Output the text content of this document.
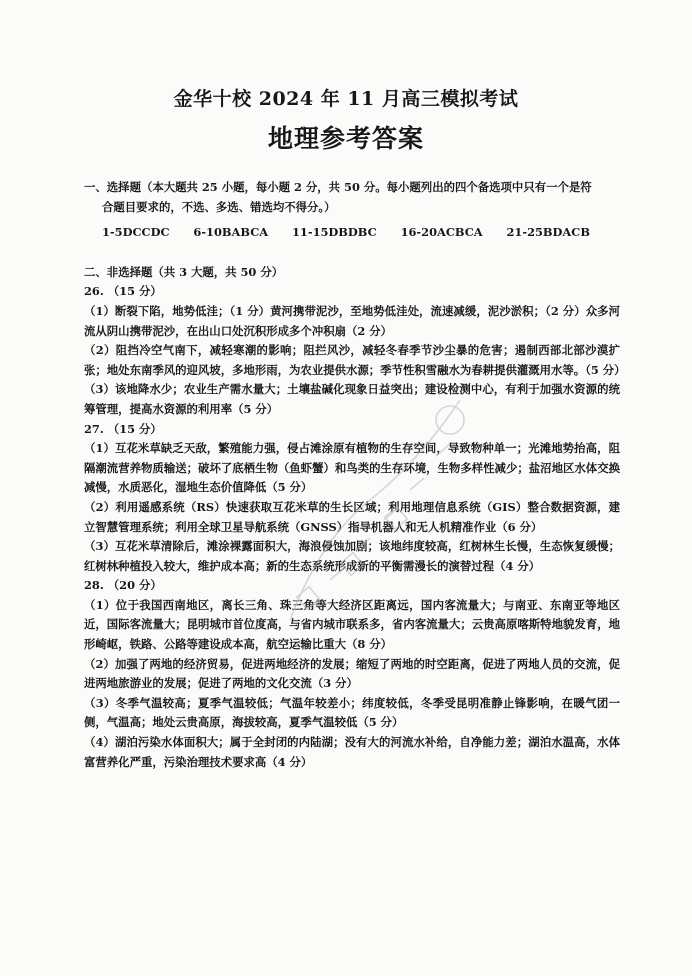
金华十校 2024 年 11 月高三模拟考试
地理参考答案

一、选择题（本大题共 25 小题，每小题 2 分，共 50 分。每小题列出的四个备选项中只有一个是符

合题目要求的，不选、多选、错选均不得分。）

1-5DCCDC 6-10BABCA 11-15DBDBC 16-20ACBCA 21-25BDACB

二、非选择题（共 3 大题，共 50 分）

26. （15 分）

（1）断裂下陷，地势低洼；（1 分）黄河携带泥沙，至地势低洼处，流速减缓，泥沙淤积；（2 分）众多河流从阴山携带泥沙，在出山口处沉积形成多个冲积扇（2 分）

（2）阻挡冷空气南下，减轻寒潮的影响；阻拦风沙，减轻冬春季节沙尘暴的危害；遏制西部北部沙漠扩张；地处东南季风的迎风坡，多地形雨，为农业提供水源；季节性积雪融水为春耕提供灌溉用水等。（5 分）

（3）该地降水少；农业生产需水量大；土壤盐碱化现象日益突出；建设检测中心，有利于加强水资源的统筹管理，提高水资源的利用率（5 分）

27. （15 分）

（1）互花米草缺乏天敌，繁殖能力强，侵占滩涂原有植物的生存空间，导致物种单一；光滩地势抬高，阻隔潮流营养物质输送；破坏了底栖生物（鱼虾蟹）和鸟类的生存环境，生物多样性减少；盐沼地区水体交换减慢，水质恶化，湿地生态价值降低（5 分）

（2）利用遥感系统（RS）快速获取互花米草的生长区域；利用地理信息系统（GIS）整合数据资源，建立智慧管理系统；利用全球卫星导航系统（GNSS）指导机器人和无人机精准作业（6 分）

（3）互花米草清除后，滩涂裸露面积大，海浪侵蚀加剧；该地纬度较高，红树林生长慢，生态恢复缓慢；红树林种植投入较大，维护成本高；新的生态系统形成新的平衡需漫长的演替过程（4 分）

28. （20 分）

（1）位于我国西南地区，离长三角、珠三角等大经济区距离远，国内客流量大；与南亚、东南亚等地区近，国际客流量大；昆明城市首位度高，与省内城市联系多，省内客流量大；云贵高原喀斯特地貌发育，地形崎岖，铁路、公路等建设成本高，航空运输比重大（8 分）

（2）加强了两地的经济贸易，促进两地经济的发展；缩短了两地的时空距离，促进了两地人员的交流，促进两地旅游业的发展；促进了两地的文化交流（3 分）

（3）冬季气温较高；夏季气温较低；气温年较差小；纬度较低，冬季受昆明准静止锋影响，在暖气团一侧，气温高；地处云贵高原，海拔较高，夏季气温较低（5 分）

（4）湖泊污染水体面积大；属于全封闭的内陆湖；没有大的河流水补给，自净能力差；湖泊水温高，水体富营养化严重，污染治理技术要求高（4 分）
